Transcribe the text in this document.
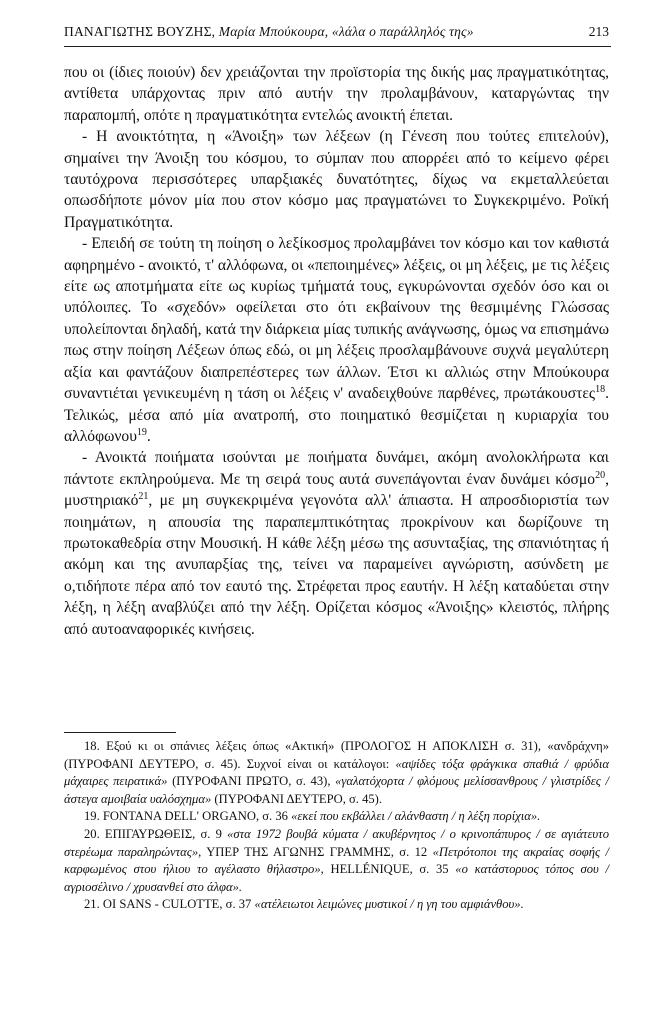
ΠΑΝΑΓΙΩΤΗΣ ΒΟΥΖΗΣ, Μαρία Μπούκουρα, «λάλα ο παράλληλός της»	213

που οι (ίδιες ποιούν) δεν χρειάζονται την προϊστορία της δικής μας πραγματικότητας, αντίθετα υπάρχοντας πριν από αυτήν την προλαμβάνουν, καταργώντας την παραπομπή, οπότε η πραγματικότητα εντελώς ανοικτή έπεται.

- Η ανοικτότητα, η «Άνοιξη» των λέξεων (η Γένεση που τούτες επιτελούν), σημαίνει την Άνοιξη του κόσμου, το σύμπαν που απορρέει από το κείμενο φέρει ταυτόχρονα περισσότερες υπαρξιακές δυνατότητες, δίχως να εκμεταλλεύεται οπωσδήποτε μόνον μία που στον κόσμο μας πραγματώνει το Συγκεκριμένο. Ροϊκή Πραγματικότητα.

- Επειδή σε τούτη τη ποίηση ο λεξίκοσμος προλαμβάνει τον κόσμο και τον καθιστά αφηρημένο - ανοικτό, τ' αλλόφωνα, οι «πεποιημένες» λέξεις, οι μη λέξεις, με τις λέξεις είτε ως αποτμήματα είτε ως κυρίως τμήματά τους, εγκυρώνονται σχεδόν όσο και οι υπόλοιπες. Το «σχεδόν» οφείλεται στο ότι εκβαίνουν της θεσμιμένης Γλώσσας υπολείπονται δηλαδή, κατά την διάρκεια μίας τυπικής ανάγνωσης, όμως να επισημάνω πως στην ποίηση Λέξεων όπως εδώ, οι μη λέξεις προσλαμβάνουνε συχνά μεγαλύτερη αξία και φαντάζουν διαπρεπέστερες των άλλων. Έτσι κι αλλιώς στην Μπούκουρα συναντιέται γενικευμένη η τάση οι λέξεις ν' αναδειχθούνε παρθένες, πρωτάκουστες$^{18}$. Τελικώς, μέσα από μία ανατροπή, στο ποιηματικό θεσμίζεται η κυριαρχία του αλλόφωνου$^{19}$.

- Ανοικτά ποιήματα ισούνται με ποιήματα δυνάμει, ακόμη ανολοκλήρωτα και πάντοτε εκπληρούμενα. Με τη σειρά τους αυτά συνεπάγονται έναν δυνάμει κόσμο$^{20}$, μυστηριακό$^{21}$, με μη συγκεκριμένα γεγονότα αλλ' άπιαστα. Η απροσδιοριστία των ποιημάτων, η απουσία της παραπεμπτικότητας προκρίνουν και δωρίζουνε τη πρωτοκαθεδρία στην Μουσική. Η κάθε λέξη μέσω της ασυνταξίας, της σπανιότητας ή ακόμη και της ανυπαρξίας της, τείνει να παραμείνει αγνώριστη, ασύνδετη με ο,τιδήποτε πέρα από τον εαυτό της. Στρέφεται προς εαυτήν. Η λέξη καταδύεται στην λέξη, η λέξη αναβλύζει από την λέξη. Ορίζεται κόσμος «Άνοιξης» κλειστός, πλήρης από αυτοαναφορικές κινήσεις.

18. Εξού κι οι σπάνιες λέξεις όπως «Ακτική» (ΠΡΟΛΟΓΟΣ Η ΑΠΟΚΛΙΣΗ σ. 31), «ανδράχνη» (ΠΥΡΟΦΑΝΙ ΔΕΥΤΕΡΟ, σ. 45). Συχνοί είναι οι κατάλογοι: «αψίδες τόξα φράγκικα σπαθιά / φρύδια μάχαιρες πειρατικά» (ΠΥΡΟΦΑΝΙ ΠΡΩΤΟ, σ. 43), «γαλατόχορτα / φλόμους μελίσσανθρους / γλιστρίδες / άστεγα αμοιβαία υαλόσχημα» (ΠΥΡΟΦΑΝΙ ΔΕΥΤΕΡΟ, σ. 45).

19. FONTANA DELL' ORGANO, σ. 36 «εκεί που εκβάλλει / αλάνθαστη / η λέξη πορίχια».

20. ΕΠΙΓΑΥΡΩΘΕΙΣ, σ. 9 «στα 1972 βουβά κύματα / ακυβέρνητος / ο κρινοπάπυρος / σε αγιάτευτο στερέωμα παραληρώντας», ΥΠΕΡ ΤΗΣ ΑΓΩΝΗΣ ΓΡΑΜΜΗΣ, σ. 12 «Πετρότοποι της ακραίας σοφής / καρφωμένος στου ήλιου το αγέλαστο θήλαστρο», HELLÉNIQUE, σ. 35 «ο κατάστορυος τόπος σου / αγριοσέλινο / χρυσανθεί στο άλφα».

21. OI SANS - CULOTTE, σ. 37 «ατέλειωτοι λειμώνες μυστικοί / η γη του αμφιάνθου».
